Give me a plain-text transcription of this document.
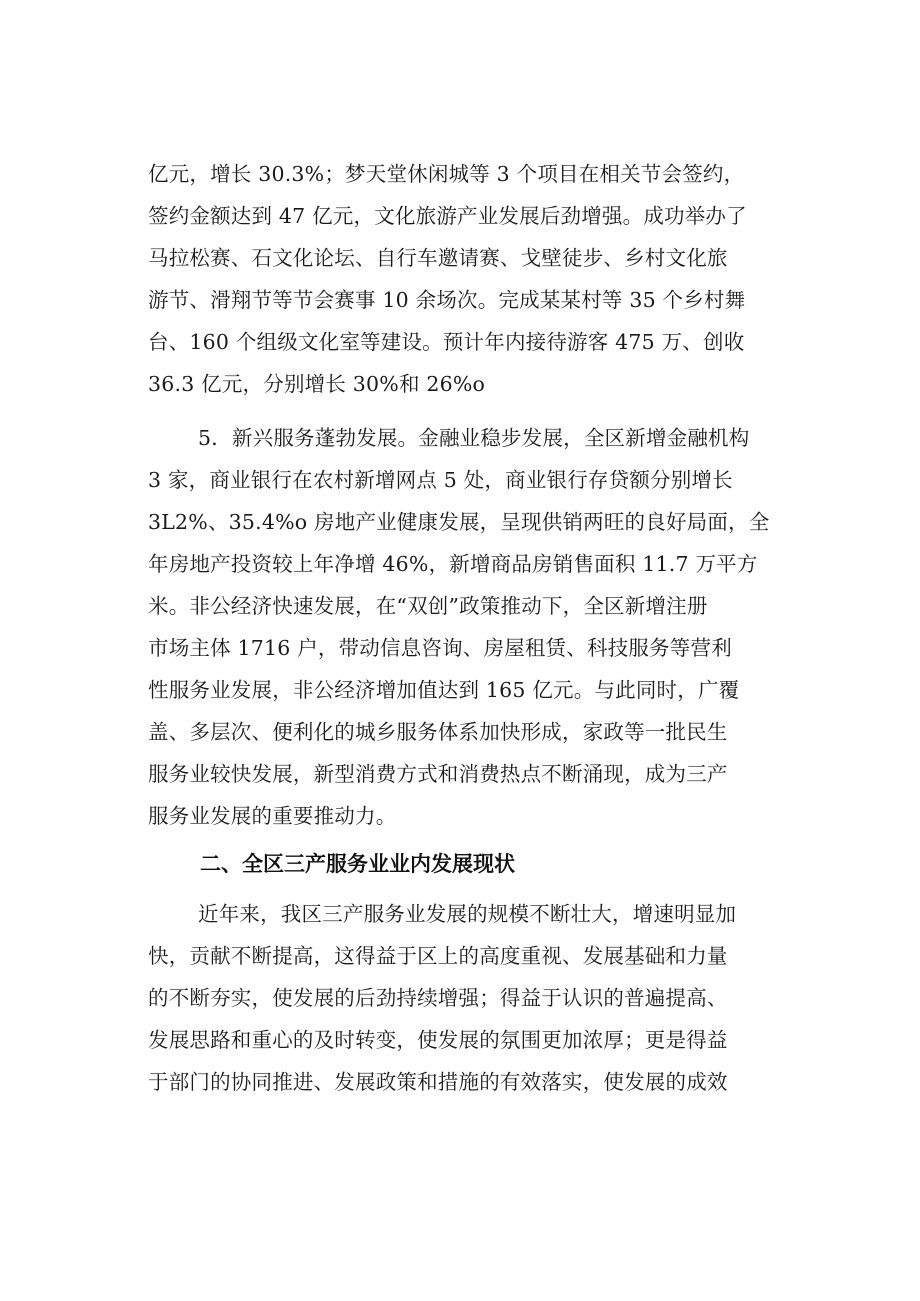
亿元，增长 30.3%；梦天堂休闲城等 3 个项目在相关节会签约，
签约金额达到 47 亿元，文化旅游产业发展后劲增强。成功举办了
马拉松赛、石文化论坛、自行车邀请赛、戈壁徒步、乡村文化旅
游节、滑翔节等节会赛事 10 余场次。完成某某村等 35 个乡村舞
台、160 个组级文化室等建设。预计年内接待游客 475 万、创收
36.3 亿元，分别增长 30%和 26%o
5．新兴服务蓬勃发展。金融业稳步发展，全区新增金融机构
3 家，商业银行在农村新增网点 5 处，商业银行存贷额分别增长
3L2%、35.4%o 房地产业健康发展，呈现供销两旺的良好局面，全
年房地产投资较上年净增 46%，新增商品房销售面积 11.7 万平方
米。非公经济快速发展，在“双创”政策推动下，全区新增注册
市场主体 1716 户，带动信息咨询、房屋租赁、科技服务等营利
性服务业发展，非公经济增加值达到 165 亿元。与此同时，广覆
盖、多层次、便利化的城乡服务体系加快形成，家政等一批民生
服务业较快发展，新型消费方式和消费热点不断涌现，成为三产
服务业发展的重要推动力。
二、全区三产服务业业内发展现状
近年来，我区三产服务业发展的规模不断壮大，增速明显加
快，贡献不断提高，这得益于区上的高度重视、发展基础和力量
的不断夯实，使发展的后劲持续增强；得益于认识的普遍提高、
发展思路和重心的及时转变，使发展的氛围更加浓厚；更是得益
于部门的协同推进、发展政策和措施的有效落实，使发展的成效
